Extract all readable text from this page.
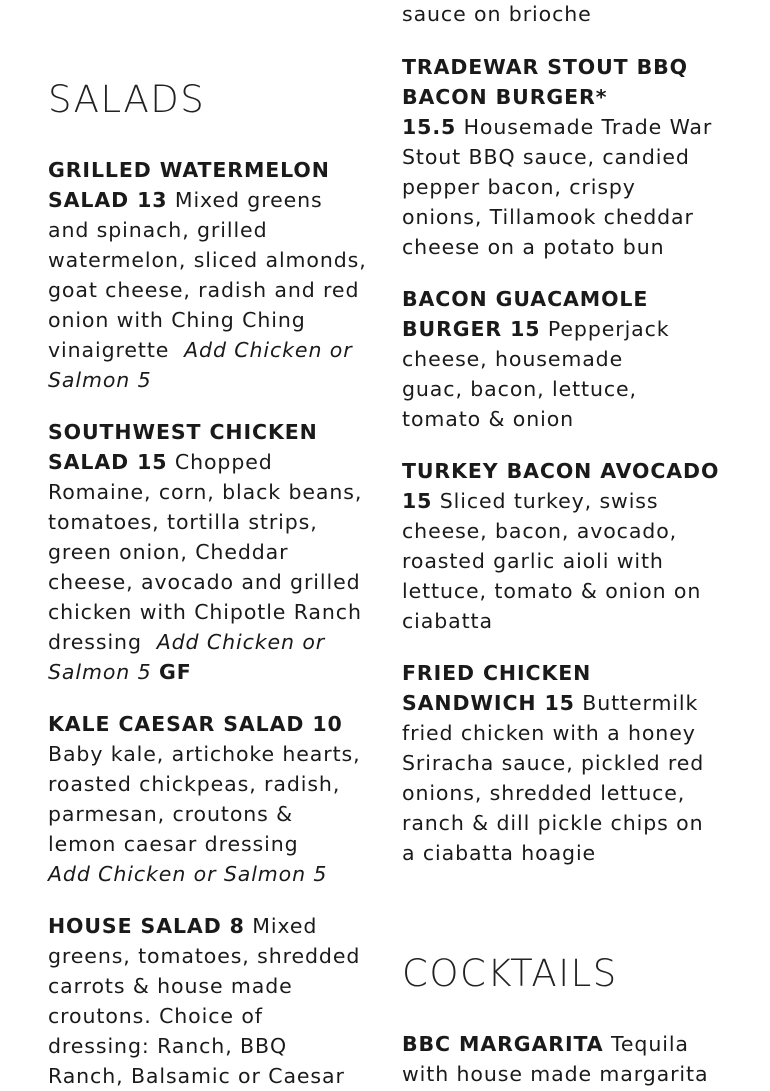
SALADS
GRILLED WATERMELON
SALAD 13 Mixed greens
and spinach, grilled
watermelon, sliced almonds,
goat cheese, radish and red
onion with Ching Ching
vinaigrette Add Chicken or
Salmon 5
SOUTHWEST CHICKEN
SALAD 15 Chopped
Romaine, corn, black beans,
tomatoes, tortilla strips,
green onion, Cheddar
cheese, avocado and grilled
chicken with Chipotle Ranch
dressing Add Chicken or
Salmon 5 GF
KALE CAESAR SALAD 10
Baby kale, artichoke hearts,
roasted chickpeas, radish,
parmesan, croutons &
lemon caesar dressing
Add Chicken or Salmon 5
HOUSE SALAD 8 Mixed
greens, tomatoes, shredded
carrots & house made
croutons. Choice of
dressing: Ranch, BBQ
Ranch, Balsamic or Caesar
sauce on brioche
TRADEWAR STOUT BBQ
BACON BURGER*
15.5 Housemade Trade War
Stout BBQ sauce, candied
pepper bacon, crispy
onions, Tillamook cheddar
cheese on a potato bun
BACON GUACAMOLE
BURGER 15 Pepperjack
cheese, housemade
guac, bacon, lettuce,
tomato & onion
TURKEY BACON AVOCADO
15 Sliced turkey, swiss
cheese, bacon, avocado,
roasted garlic aioli with
lettuce, tomato & onion on
ciabatta
FRIED CHICKEN
SANDWICH 15 Buttermilk
fried chicken with a honey
Sriracha sauce, pickled red
onions, shredded lettuce,
ranch & dill pickle chips on
a ciabatta hoagie
COCKTAILS
BBC MARGARITA Tequila
with house made margarita
